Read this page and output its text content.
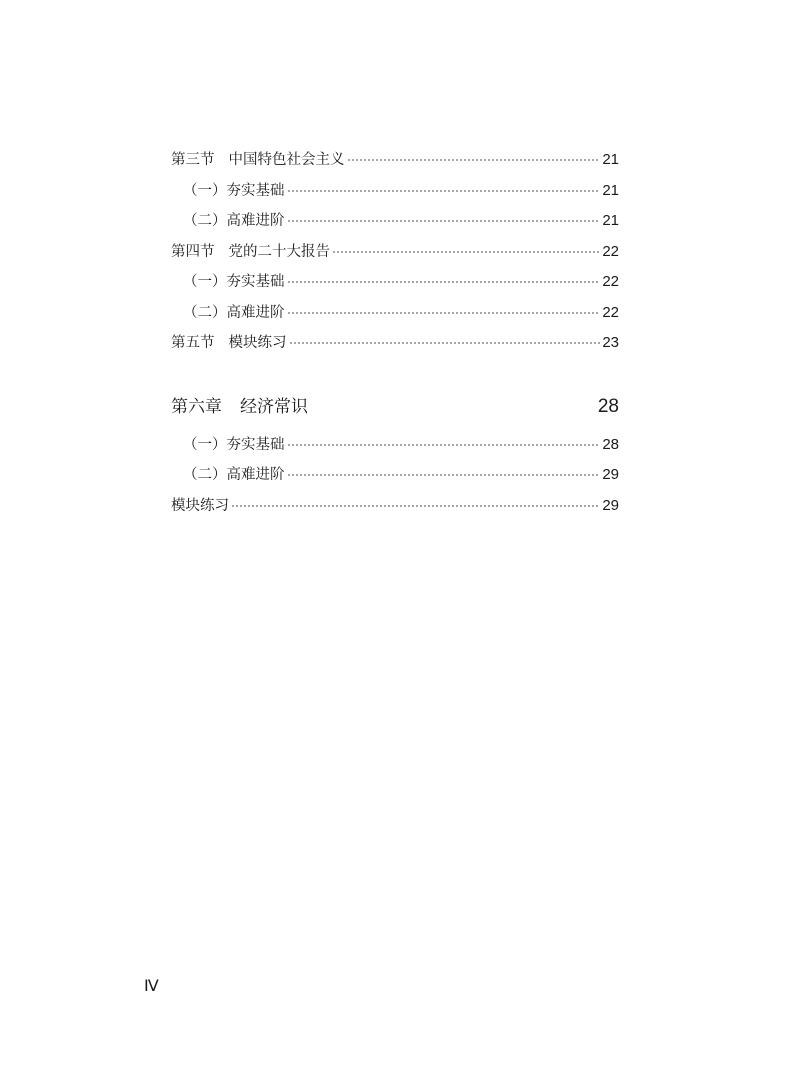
第三节 中国特色社会主义	21
（一）夯实基础	21
（二）高难进阶	21
第四节 党的二十大报告	22
（一）夯实基础	22
（二）高难进阶	22
第五节 模块练习	23
第六章 经济常识	28
（一）夯实基础	28
（二）高难进阶	29
模块练习	29
Ⅳ
